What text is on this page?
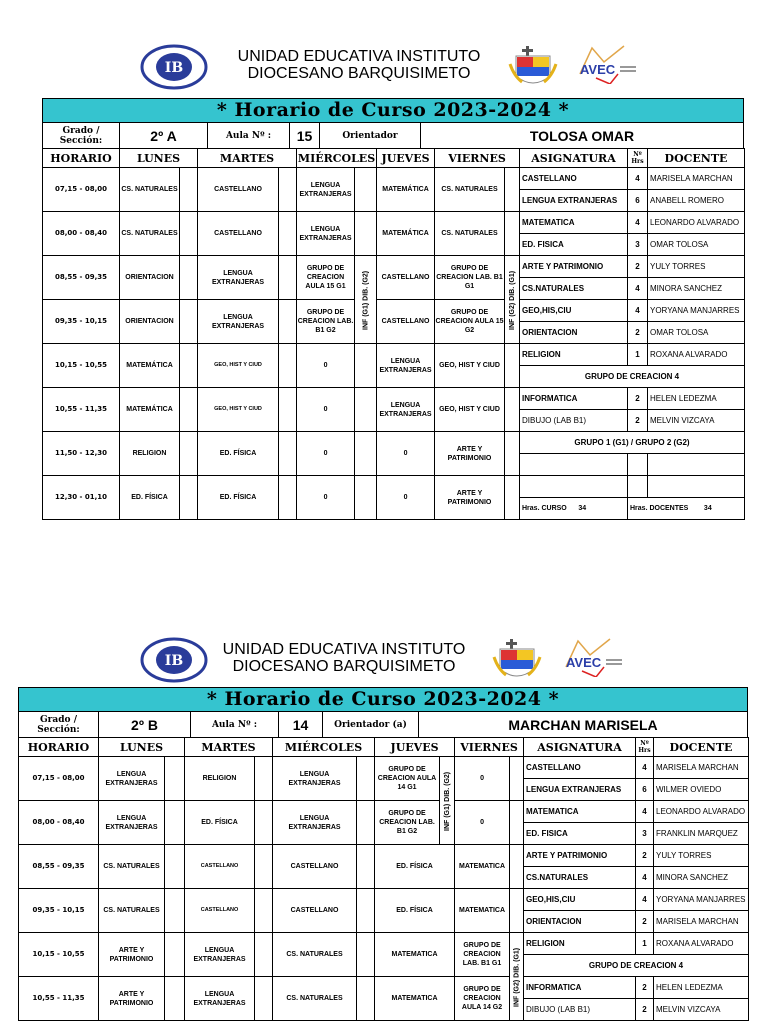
IB
UNIDAD EDUCATIVA INSTITUTO
DIOCESANO BARQUISIMETO	AVEC
* Horario de Curso 2023-2024 *
Grado / Sección:	2º A	Aula Nº :	15	Orientador	TOLOSA OMAR
HORARIO	LUNES		MARTES		MIÉRCOLES		JUEVES	VIERNES	
07,15 - 08,00	CS. NATURALES		CASTELLANO		LENGUA EXTRANJERAS		MATEMÁTICA	CS. NATURALES	
08,00 - 08,40	CS. NATURALES		CASTELLANO		LENGUA EXTRANJERAS		MATEMÁTICA	CS. NATURALES	
08,55 - 09,35	ORIENTACION		LENGUA EXTRANJERAS		GRUPO DE CREACION AULA 15 G1	INF (G1) DIB. (G2)	CASTELLANO	GRUPO DE CREACION LAB. B1 G1	INF (G2) DIB. (G1)
09,35 - 10,15	ORIENTACION		LENGUA EXTRANJERAS		GRUPO DE CREACION LAB. B1 G2		CASTELLANO	GRUPO DE CREACION AULA 15 G2	
10,15 - 10,55	MATEMÁTICA		GEO, HIST Y CIUD		0		LENGUA EXTRANJERAS	GEO, HIST Y CIUD	
10,55 - 11,35	MATEMÁTICA		GEO, HIST Y CIUD		0		LENGUA EXTRANJERAS	GEO, HIST Y CIUD	
11,50 - 12,30	RELIGION		ED. FÍSICA		0		0	ARTE Y PATRIMONIO	
12,30 - 01,10	ED. FÍSICA		ED. FÍSICA		0		0	ARTE Y PATRIMONIO	
ASIGNATURA	Nº Hrs	DOCENTE
CASTELLANO	4	MARISELA MARCHAN
LENGUA EXTRANJERAS	6	ANABELL ROMERO
MATEMATICA	4	LEONARDO ALVARADO
ED. FISICA	3	OMAR TOLOSA
ARTE Y PATRIMONIO	2	YULY TORRES
CS.NATURALES	4	MINORA SANCHEZ
GEO,HIS,CIU	4	YORYANA MANJARRES
ORIENTACION	2	OMAR TOLOSA
RELIGION	1	ROXANA ALVARADO
GRUPO DE CREACION 4		
INFORMATICA	2	HELEN LEDEZMA
DIBUJO (LAB B1)	2	MELVIN VIZCAYA
GRUPO 1 (G1) / GRUPO 2 (G2)		

Hras. CURSO 34	Hras. DOCENTES 34	
IB
UNIDAD EDUCATIVA INSTITUTO
DIOCESANO BARQUISIMETO	AVEC
* Horario de Curso 2023-2024 *
Grado / Sección:	2º B	Aula Nº :	14	Orientador (a)	MARCHAN MARISELA
HORARIO	LUNES		MARTES		MIÉRCOLES		JUEVES		VIERNES	
07,15 - 08,00	LENGUA EXTRANJERAS		RELIGION		LENGUA EXTRANJERAS		GRUPO DE CREACION AULA 14 G1	INF (G1) DIB. (G2)	0	
08,00 - 08,40	LENGUA EXTRANJERAS		ED. FÍSICA		LENGUA EXTRANJERAS		GRUPO DE CREACION LAB. B1 G2		0	
08,55 - 09,35	CS. NATURALES		CASTELLANO		CASTELLANO		ED. FÍSICA		MATEMATICA	
09,35 - 10,15	CS. NATURALES		CASTELLANO		CASTELLANO		ED. FÍSICA		MATEMATICA	
10,15 - 10,55	ARTE Y PATRIMONIO		LENGUA EXTRANJERAS		CS. NATURALES		MATEMATICA		GRUPO DE CREACION LAB. B1 G1	INF (G2) DIB. (G1)
10,55 - 11,35	ARTE Y PATRIMONIO		LENGUA EXTRANJERAS		CS. NATURALES		MATEMATICA		GRUPO DE CREACION AULA 14 G2	
ASIGNATURA	Nº Hrs	DOCENTE
CASTELLANO	4	MARISELA MARCHAN
LENGUA EXTRANJERAS	6	WILMER OVIEDO
MATEMATICA	4	LEONARDO ALVARADO
ED. FISICA	3	FRANKLIN MARQUEZ
ARTE Y PATRIMONIO	2	YULY TORRES
CS.NATURALES	4	MINORA SANCHEZ
GEO,HIS,CIU	4	YORYANA MANJARRES
ORIENTACION	2	MARISELA MARCHAN
RELIGION	1	ROXANA ALVARADO
GRUPO DE CREACION 4		
INFORMATICA	2	HELEN LEDEZMA
DIBUJO (LAB B1)	2	MELVIN VIZCAYA
